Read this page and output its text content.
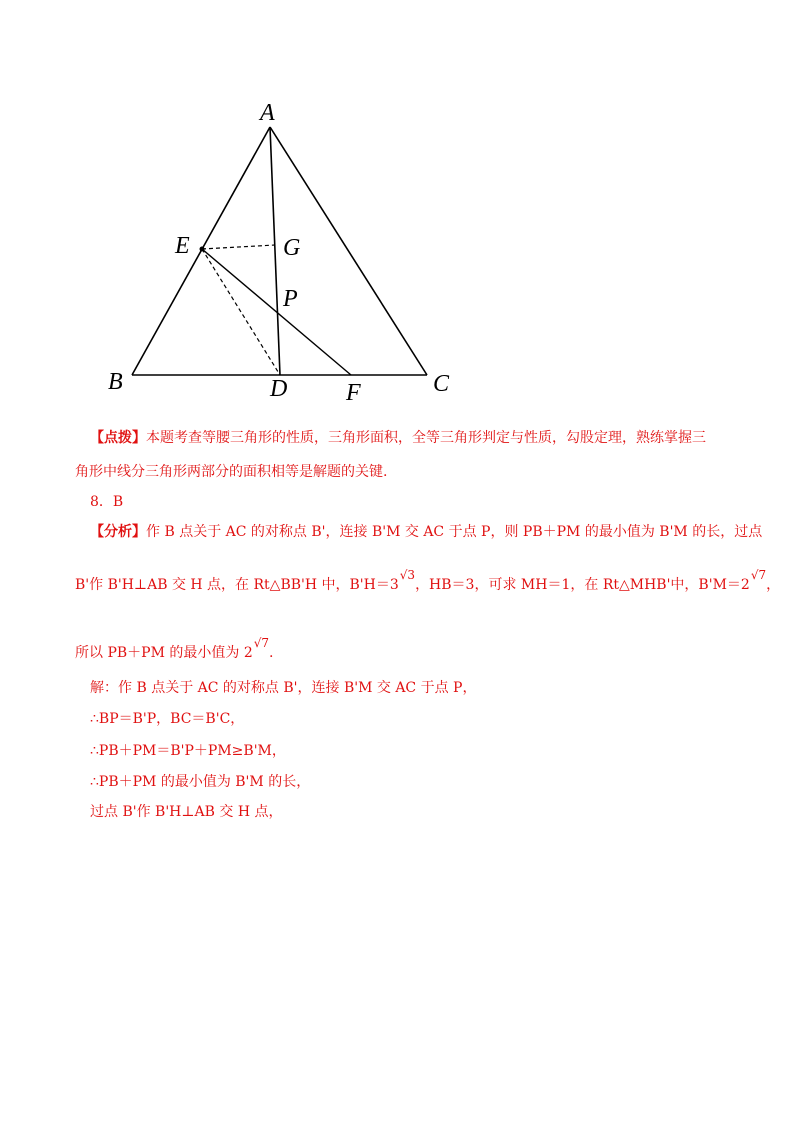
A
B	C
D
E
F
G
P
【点拨】本题考查等腰三角形的性质，三角形面积，全等三角形判定与性质，勾股定理，熟练掌握三
角形中线分三角形两部分的面积相等是解题的关键.
8．B
【分析】作 B 点关于 AC 的对称点 B'，连接 B'M 交 AC 于点 P，则 PB＋PM 的最小值为 B'M 的长，过点
B'作 B'H⊥AB 交 H 点，在 Rt△BB'H 中，B'H＝3√3，HB＝3，可求 MH＝1，在 Rt△MHB'中，B'M＝2√7，
所以 PB＋PM 的最小值为 2√7.
解：作 B 点关于 AC 的对称点 B'，连接 B'M 交 AC 于点 P，
∴BP＝B'P，BC＝B'C，
∴PB＋PM＝B'P＋PM≥B'M，
∴PB＋PM 的最小值为 B'M 的长，
过点 B'作 B'H⊥AB 交 H 点，
